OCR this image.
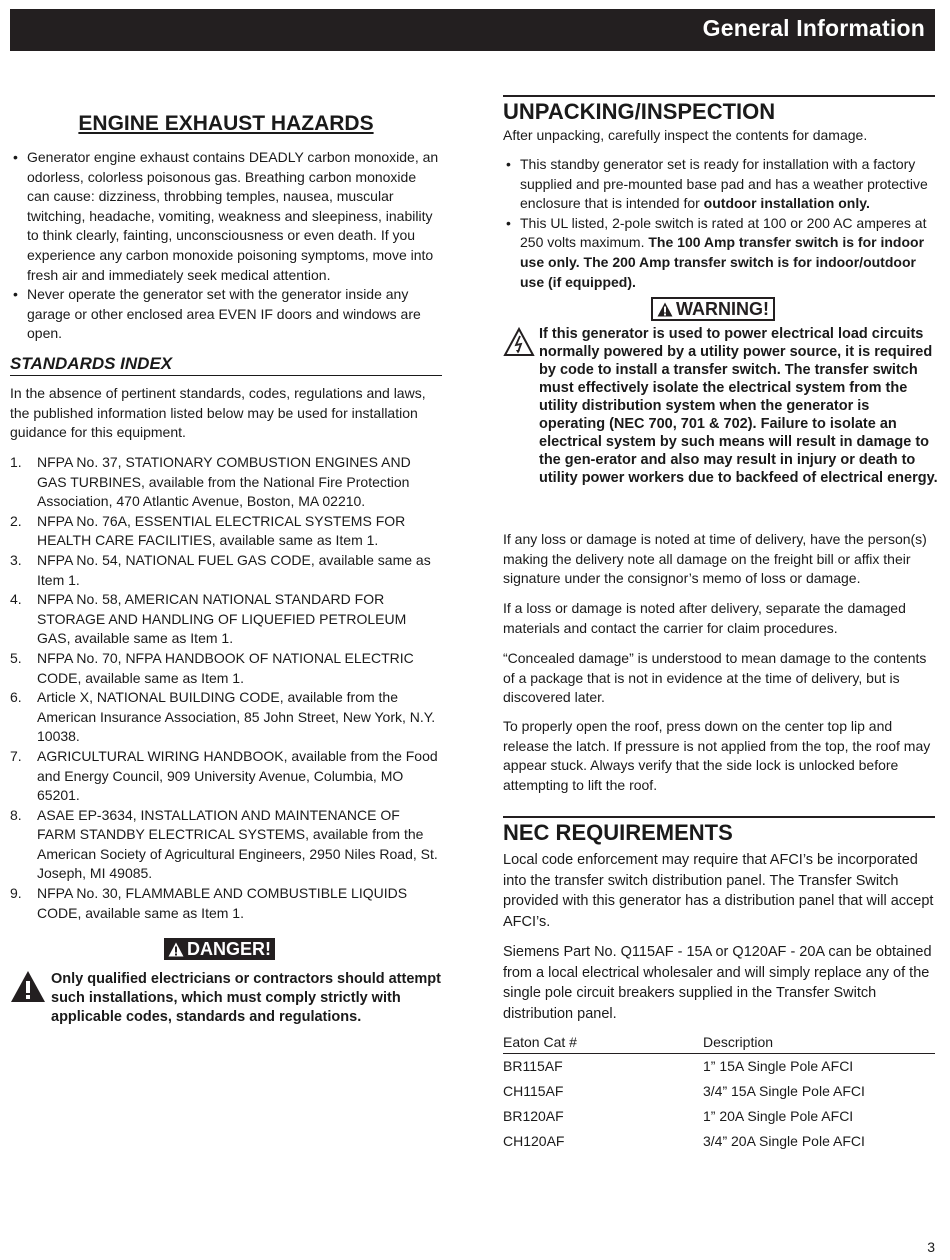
General Information
ENGINE EXHAUST HAZARDS
• Generator engine exhaust contains DEADLY carbon monoxide, an odorless, colorless poisonous gas. Breathing carbon monoxide can cause: dizziness, throbbing temples, nausea, muscular twitching, headache, vomiting, weakness and sleepiness, inability to think clearly, fainting, unconsciousness or even death. If you experience any carbon monoxide poisoning symptoms, move into fresh air and immediately seek medical attention.
• Never operate the generator set with the generator inside any garage or other enclosed area EVEN IF doors and windows are open.
STANDARDS INDEX
In the absence of pertinent standards, codes, regulations and laws, the published information listed below may be used for installation guidance for this equipment.
1. NFPA No. 37, STATIONARY COMBUSTION ENGINES AND GAS TURBINES, available from the National Fire Protection Association, 470 Atlantic Avenue, Boston, MA 02210.
2. NFPA No. 76A, ESSENTIAL ELECTRICAL SYSTEMS FOR HEALTH CARE FACILITIES, available same as Item 1.
3. NFPA No. 54, NATIONAL FUEL GAS CODE, available same as Item 1.
4. NFPA No. 58, AMERICAN NATIONAL STANDARD FOR STORAGE AND HANDLING OF LIQUEFIED PETROLEUM GAS, available same as Item 1.
5. NFPA No. 70, NFPA HANDBOOK OF NATIONAL ELECTRIC CODE, available same as Item 1.
6. Article X, NATIONAL BUILDING CODE, available from the American Insurance Association, 85 John Street, New York, N.Y. 10038.
7. AGRICULTURAL WIRING HANDBOOK, available from the Food and Energy Council, 909 University Avenue, Columbia, MO 65201.
8. ASAE EP-3634, INSTALLATION AND MAINTENANCE OF FARM STANDBY ELECTRICAL SYSTEMS, available from the American Society of Agricultural Engineers, 2950 Niles Road, St. Joseph, MI 49085.
9. NFPA No. 30, FLAMMABLE AND COMBUSTIBLE LIQUIDS CODE, available same as Item 1.
DANGER!
Only qualified electricians or contractors should attempt such installations, which must comply strictly with applicable codes, standards and regulations.
UNPACKING/INSPECTION
After unpacking, carefully inspect the contents for damage.
• This standby generator set is ready for installation with a factory supplied and pre-mounted base pad and has a weather protective enclosure that is intended for outdoor installation only.
• This UL listed, 2-pole switch is rated at 100 or 200 AC amperes at 250 volts maximum. The 100 Amp transfer switch is for indoor use only. The 200 Amp transfer switch is for indoor/outdoor use (if equipped).
WARNING!
If this generator is used to power electrical load circuits normally powered by a utility power source, it is required by code to install a transfer switch. The transfer switch must effectively isolate the electrical system from the utility distribution system when the generator is operating (NEC 700, 701 & 702). Failure to isolate an electrical system by such means will result in damage to the gen-erator and also may result in injury or death to utility power workers due to backfeed of electrical energy.
If any loss or damage is noted at time of delivery, have the person(s) making the delivery note all damage on the freight bill or affix their signature under the consignor’s memo of loss or damage.
If a loss or damage is noted after delivery, separate the damaged materials and contact the carrier for claim procedures.
“Concealed damage” is understood to mean damage to the contents of a package that is not in evidence at the time of delivery, but is discovered later.
To properly open the roof, press down on the center top lip and release the latch. If pressure is not applied from the top, the roof may appear stuck. Always verify that the side lock is unlocked before attempting to lift the roof.
NEC REQUIREMENTS
Local code enforcement may require that AFCI’s be incorporated into the transfer switch distribution panel. The Transfer Switch provided with this generator has a distribution panel that will accept AFCI’s.
Siemens Part No. Q115AF - 15A or Q120AF - 20A can be obtained from a local electrical wholesaler and will simply replace any of the single pole circuit breakers supplied in the Transfer Switch distribution panel.
Eaton Cat #	Description
BR115AF	1” 15A Single Pole AFCI
CH115AF	3/4” 15A Single Pole AFCI
BR120AF	1” 20A Single Pole AFCI
CH120AF	3/4” 20A Single Pole AFCI
3
